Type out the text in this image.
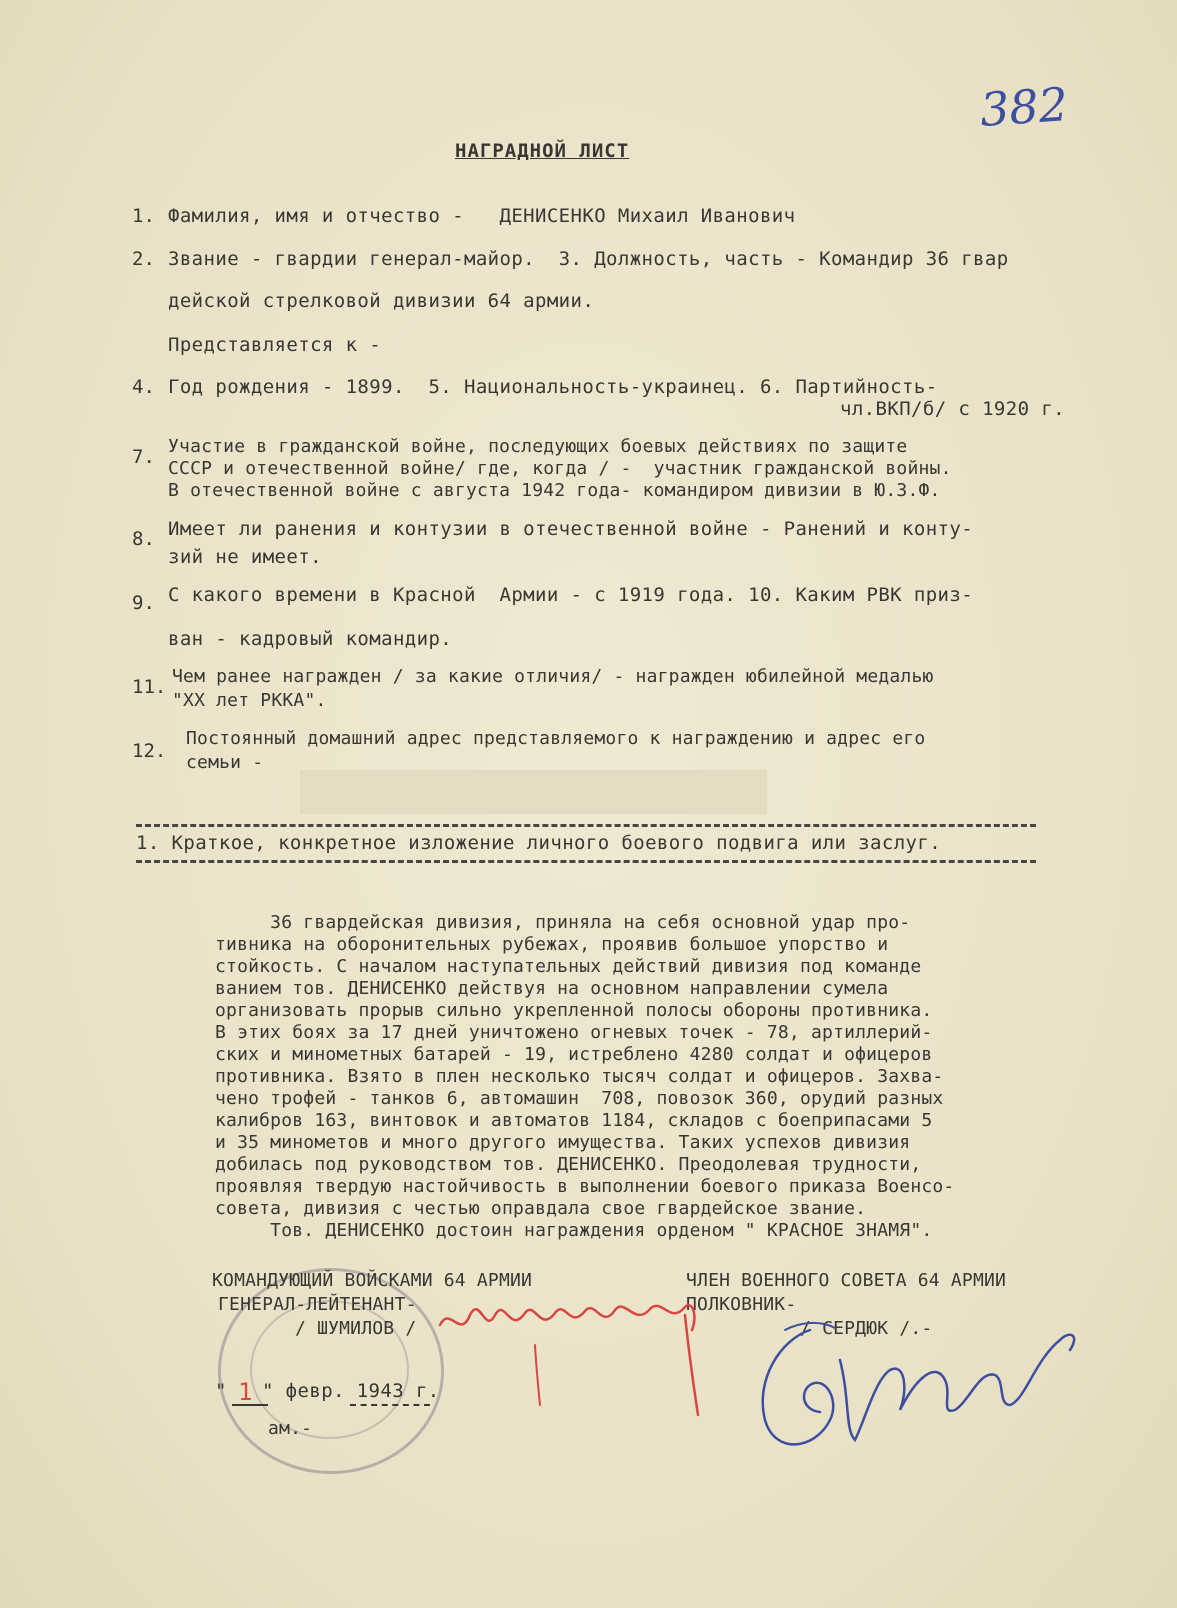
382
НАГРАДНОЙ ЛИСТ
1. Фамилия, имя и отчество -   ДЕНИСЕНКО Михаил Иванович
2. Звание - гвардии генерал-майор.  3. Должность, часть - Командир 36 гвар
дейской стрелковой дивизии 64 армии.
Представляется к -
4. Год рождения - 1899.  5. Национальность-украинец. 6. Партийность-
чл.ВКП/б/ с 1920 г.
7. Участие в гражданской войне, последующих боевых действиях по защите
СССР и отечественной войне/ где, когда / -  участник гражданской войны.
В отечественной войне с августа 1942 года- командиром дивизии в Ю.З.Ф.
8. Имеет ли ранения и контузии в отечественной войне - Ранений и конту-
зий не имеет.
9. С какого времени в Красной  Армии - с 1919 года. 10. Каким РВК приз-
ван - кадровый командир.
11. Чем ранее награжден / за какие отличия/ - награжден юбилейной медалью
"ХХ лет РККА".
12.
Постоянный домашний адрес представляемого к награждению и адрес его
семьи -
1. Краткое, конкретное изложение личного боевого подвига или заслуг.
36 гвардейская дивизия, приняла на себя основной удар про-
тивника на оборонительных рубежах, проявив большое упорство и
стойкость. С началом наступательных действий дивизия под команде
ванием тов. ДЕНИСЕНКО действуя на основном направлении сумела
организовать прорыв сильно укрепленной полосы обороны противника.
В этих боях за 17 дней уничтожено огневых точек - 78, артиллерий-
ских и минометных батарей - 19, истреблено 4280 солдат и офицеров
противника. Взято в плен несколько тысяч солдат и офицеров. Захва-
чено трофей - танков 6, автомашин  708, повозок 360, орудий разных
калибров 163, винтовок и автоматов 1184, складов с боеприпасами 5
и 35 минометов и много другого имущества. Таких успехов дивизия
добилась под руководством тов. ДЕНИСЕНКО. Преодолевая трудности,
проявляя твердую настойчивость в выполнении боевого приказа Военсо-
совета, дивизия с честью оправдала свое гвардейское звание.
Тов. ДЕНИСЕНКО достоин награждения орденом " КРАСНОЕ ЗНАМЯ".
КОМАНДУЮЩИЙ ВОЙСКАМИ 64 АРМИИ
ГЕНЕРАЛ-ЛЕЙТЕНАНТ-
/ ШУМИЛОВ /
ЧЛЕН ВОЕННОГО СОВЕТА 64 АРМИИ
ПОЛКОВНИК-
/ СЕРДЮК /.-
" 1 " февр. 1943 г.
ам.-
